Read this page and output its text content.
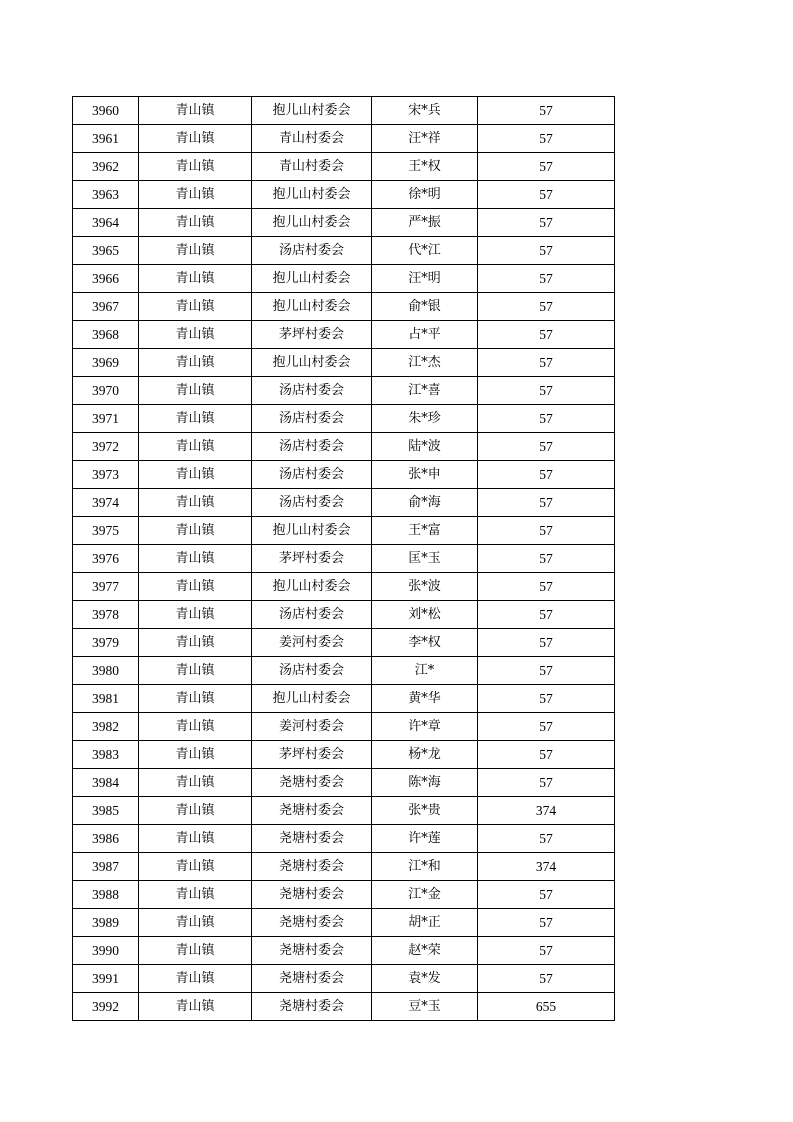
3960	青山镇	抱儿山村委会	宋*兵	57
3961	青山镇	青山村委会	汪*祥	57
3962	青山镇	青山村委会	王*权	57
3963	青山镇	抱儿山村委会	徐*明	57
3964	青山镇	抱儿山村委会	严*振	57
3965	青山镇	汤店村委会	代*江	57
3966	青山镇	抱儿山村委会	汪*明	57
3967	青山镇	抱儿山村委会	俞*银	57
3968	青山镇	茅坪村委会	占*平	57
3969	青山镇	抱儿山村委会	江*杰	57
3970	青山镇	汤店村委会	江*喜	57
3971	青山镇	汤店村委会	朱*珍	57
3972	青山镇	汤店村委会	陆*波	57
3973	青山镇	汤店村委会	张*申	57
3974	青山镇	汤店村委会	俞*海	57
3975	青山镇	抱儿山村委会	王*富	57
3976	青山镇	茅坪村委会	匡*玉	57
3977	青山镇	抱儿山村委会	张*波	57
3978	青山镇	汤店村委会	刘*松	57
3979	青山镇	姜河村委会	李*权	57
3980	青山镇	汤店村委会	江*	57
3981	青山镇	抱儿山村委会	黄*华	57
3982	青山镇	姜河村委会	许*章	57
3983	青山镇	茅坪村委会	杨*龙	57
3984	青山镇	尧塘村委会	陈*海	57
3985	青山镇	尧塘村委会	张*贵	374
3986	青山镇	尧塘村委会	许*莲	57
3987	青山镇	尧塘村委会	江*和	374
3988	青山镇	尧塘村委会	江*金	57
3989	青山镇	尧塘村委会	胡*正	57
3990	青山镇	尧塘村委会	赵*荣	57
3991	青山镇	尧塘村委会	袁*发	57
3992	青山镇	尧塘村委会	豆*玉	655
